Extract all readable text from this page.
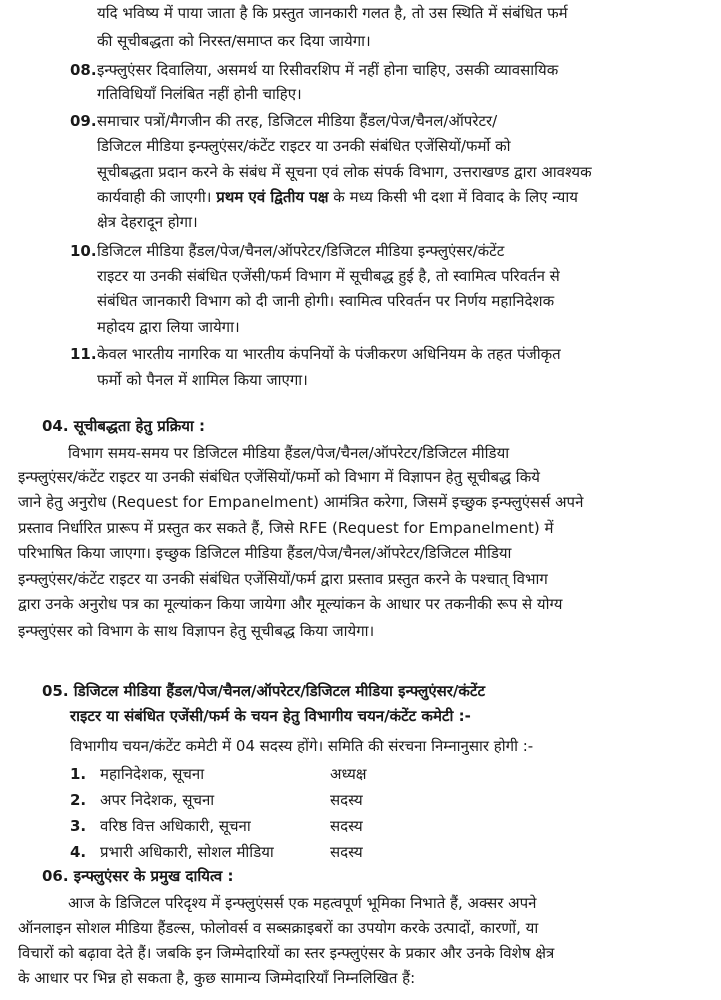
यदि भविष्य में पाया जाता है कि प्रस्तुत जानकारी गलत है, तो उस स्थिति में संबंधित फर्म
की सूचीबद्धता को निरस्त/समाप्त कर दिया जायेगा।
08. इन्फ्लुएंसर दिवालिया, असमर्थ या रिसीवरशिप में नहीं होना चाहिए, उसकी व्यावसायिक
गतिविधियाँ निलंबित नहीं होनी चाहिए।
09. समाचार पत्रों/मैगजीन की तरह, डिजिटल मीडिया हैंडल/पेज/चैनल/ऑपरेटर/
डिजिटल मीडिया इन्फ्लुएंसर/कंटेंट राइटर या उनकी संबंधित एजेंसियों/फर्मो को
सूचीबद्धता प्रदान करने के संबंध में सूचना एवं लोक संपर्क विभाग, उत्तराखण्ड द्वारा आवश्यक
कार्यवाही की जाएगी। प्रथम एवं द्वितीय पक्ष के मध्य किसी भी दशा में विवाद के लिए न्याय
क्षेत्र देहरादून होगा।
10. डिजिटल मीडिया हैंडल/पेज/चैनल/ऑपरेटर/डिजिटल मीडिया इन्फ्लुएंसर/कंटेंट
राइटर या उनकी संबंधित एजेंसी/फर्म विभाग में सूचीबद्ध हुई है, तो स्वामित्व परिवर्तन से
संबंधित जानकारी विभाग को दी जानी होगी। स्वामित्व परिवर्तन पर निर्णय महानिदेशक
महोदय द्वारा लिया जायेगा।
11. केवल भारतीय नागरिक या भारतीय कंपनियों के पंजीकरण अधिनियम के तहत पंजीकृत
फर्मो को पैनल में शामिल किया जाएगा।
04. सूचीबद्धता हेतु प्रक्रिया :
विभाग समय-समय पर डिजिटल मीडिया हैंडल/पेज/चैनल/ऑपरेटर/डिजिटल मीडिया
इन्फ्लुएंसर/कंटेंट राइटर या उनकी संबंधित एजेंसियों/फर्मो को विभाग में विज्ञापन हेतु सूचीबद्ध किये
जाने हेतु अनुरोध (Request for Empanelment) आमंत्रित करेगा, जिसमें इच्छुक इन्फ्लुएंसर्स अपने
प्रस्ताव निर्धारित प्रारूप में प्रस्तुत कर सकते हैं, जिसे RFE (Request for Empanelment) में
परिभाषित किया जाएगा। इच्छुक डिजिटल मीडिया हैंडल/पेज/चैनल/ऑपरेटर/डिजिटल मीडिया
इन्फ्लुएंसर/कंटेंट राइटर या उनकी संबंधित एजेंसियों/फर्म द्वारा प्रस्ताव प्रस्तुत करने के पश्चात् विभाग
द्वारा उनके अनुरोध पत्र का मूल्यांकन किया जायेगा और मूल्यांकन के आधार पर तकनीकी रूप से योग्य
इन्फ्लुएंसर को विभाग के साथ विज्ञापन हेतु सूचीबद्ध किया जायेगा।
05. डिजिटल मीडिया हैंडल/पेज/चैनल/ऑपरेटर/डिजिटल मीडिया इन्फ्लुएंसर/कंटेंट
राइटर या संबंधित एजेंसी/फर्म के चयन हेतु विभागीय चयन/कंटेंट कमेटी :-
विभागीय चयन/कंटेंट कमेटी में 04 सदस्य होंगे। समिति की संरचना निम्नानुसार होगी :-
1. महानिदेशक, सूचना	अध्यक्ष
2. अपर निदेशक, सूचना	सदस्य
3. वरिष्ठ वित्त अधिकारी, सूचना	सदस्य
4. प्रभारी अधिकारी, सोशल मीडिया	सदस्य
06. इन्फ्लुएंसर के प्रमुख दायित्व :
आज के डिजिटल परिदृश्य में इन्फ्लुएंसर्स एक महत्वपूर्ण भूमिका निभाते हैं, अक्सर अपने
ऑनलाइन सोशल मीडिया हैंडल्स, फोलोवर्स व सब्सक्राइबरों का उपयोग करके उत्पादों, कारणों, या
विचारों को बढ़ावा देते हैं। जबकि इन जिम्मेदारियों का स्तर इन्फ्लुएंसर के प्रकार और उनके विशेष क्षेत्र
के आधार पर भिन्न हो सकता है, कुछ सामान्य जिम्मेदारियाँ निम्नलिखित हैं:
